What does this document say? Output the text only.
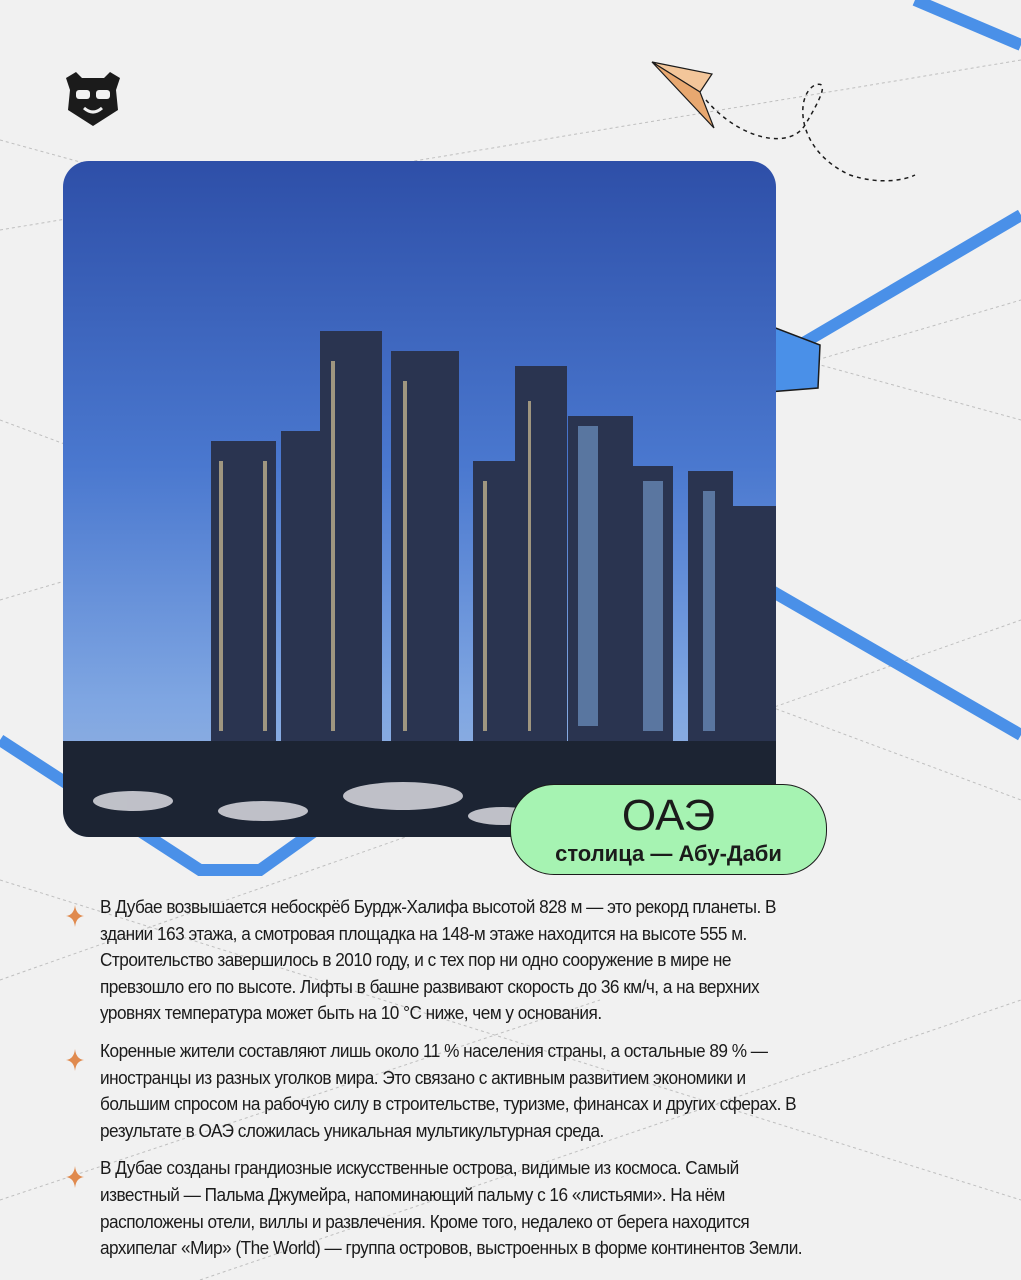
ОАЭ
столица — Абу-Даби
В Дубае возвышается небоскрёб Бурдж-Халифа высотой 828 м — это рекорд планеты. В
здании 163 этажа, а смотровая площадка на 148-м этаже находится на высоте 555 м.
Строительство завершилось в 2010 году, и с тех пор ни одно сооружение в мире не
превзошло его по высоте. Лифты в башне развивают скорость до 36 км/ч, а на верхних
уровнях температура может быть на 10 °С ниже, чем у основания.
Коренные жители составляют лишь около 11 % населения страны, а остальные 89 % —
иностранцы из разных уголков мира. Это связано с активным развитием экономики и
большим спросом на рабочую силу в строительстве, туризме, финансах и других сферах. В
результате в ОАЭ сложилась уникальная мультикультурная среда.
В Дубае созданы грандиозные искусственные острова, видимые из космоса. Самый
известный — Пальма Джумейра, напоминающий пальму с 16 «листьями». На нём
расположены отели, виллы и развлечения. Кроме того, недалеко от берега находится
архипелаг «Мир» (The World) — группа островов, выстроенных в форме континентов Земли.
